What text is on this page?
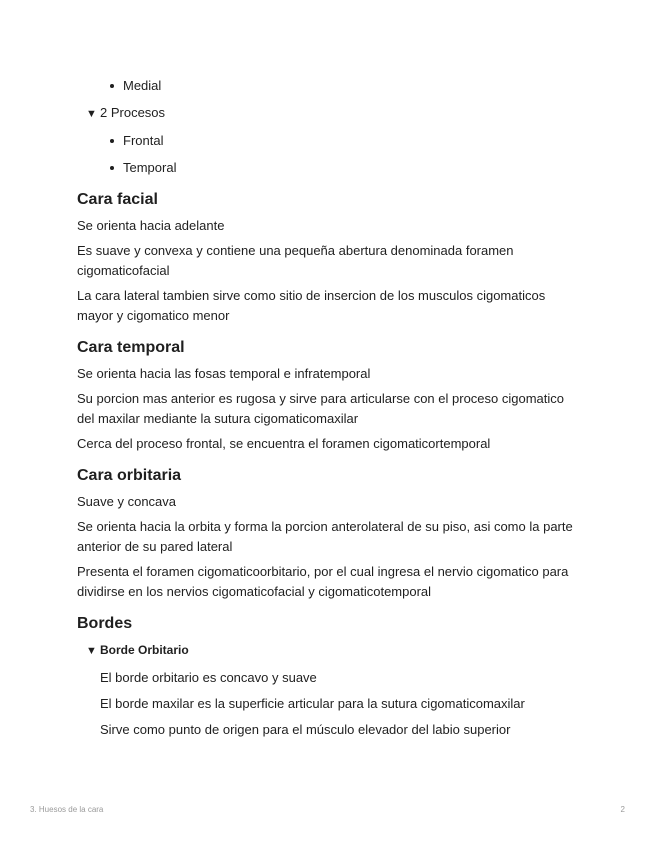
Medial
▼ 2 Procesos
Frontal
Temporal
Cara facial

Se orienta hacia adelante

Es suave y convexa y contiene una pequeña abertura denominada foramen cigomaticofacial

La cara lateral tambien sirve como sitio de insercion de los musculos cigomaticos mayor y cigomatico menor

Cara temporal

Se orienta hacia las fosas temporal e infratemporal

Su porcion mas anterior es rugosa y sirve para articularse con el proceso cigomatico del maxilar mediante la sutura cigomaticomaxilar

Cerca del proceso frontal, se encuentra el foramen cigomaticortemporal

Cara orbitaria

Suave y concava

Se orienta hacia la orbita y forma la porcion anterolateral de su piso, asi como la parte anterior de su pared lateral

Presenta el foramen cigomaticoorbitario, por el cual ingresa el nervio cigomatico para dividirse en los nervios cigomaticofacial y cigomaticotemporal

Bordes
▼ Borde Orbitario

El borde orbitario es concavo y suave

El borde maxilar es la superficie articular para la sutura cigomaticomaxilar

Sirve como punto de origen para el músculo elevador del labio superior

3. Huesos de la cara	2
